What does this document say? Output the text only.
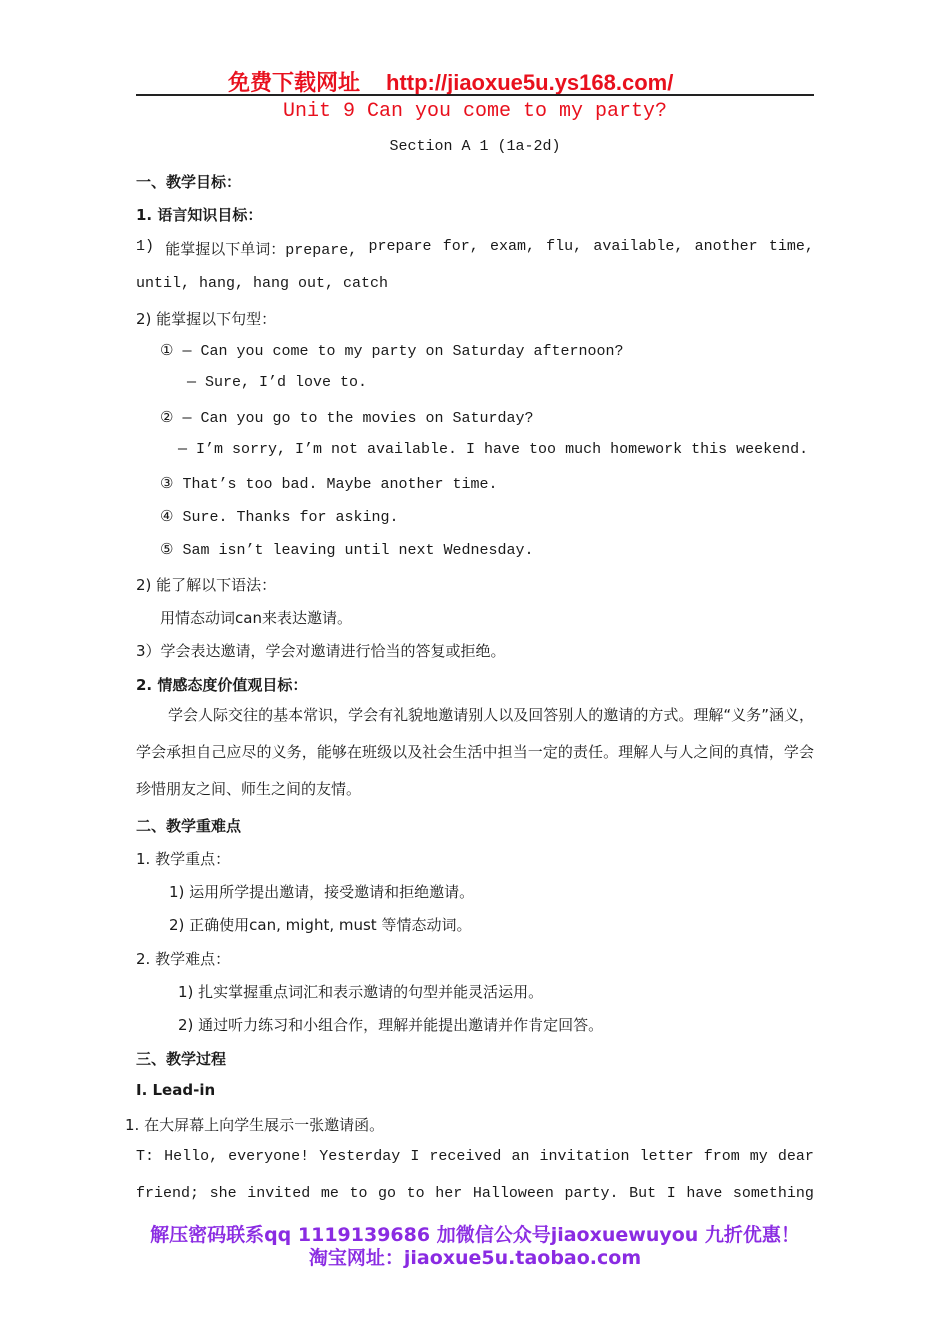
免费下载网址 http://jiaoxue5u.ys168.com/
Unit 9 Can you come to my party?
Section A 1 (1a-2d)
一、教学目标：
1. 语言知识目标：
1) 能掌握以下单词：prepare, prepare for, exam, flu, available, another time,
until, hang, hang out, catch
2) 能掌握以下句型：
① — Can you come to my party on Saturday afternoon?
— Sure, I’d love to.
② — Can you go to the movies on Saturday?
— I’m sorry, I’m not available. I have too much homework this weekend.
③ That’s too bad. Maybe another time.
④ Sure. Thanks for asking.
⑤ Sam isn’t leaving until next Wednesday.
2) 能了解以下语法：
用情态动词can来表达邀请。
3）学会表达邀请，学会对邀请进行恰当的答复或拒绝。
2. 情感态度价值观目标：
学会人际交往的基本常识，学会有礼貌地邀请别人以及回答别人的邀请的方式。理解“义务”涵义，学会承担自己应尽的义务，能够在班级以及社会生活中担当一定的责任。理解人与人之间的真情，学会珍惜朋友之间、师生之间的友情。
二、教学重难点
1. 教学重点：
1) 运用所学提出邀请，接受邀请和拒绝邀请。
2) 正确使用can, might, must 等情态动词。
2. 教学难点：
1) 扎实掌握重点词汇和表示邀请的句型并能灵活运用。
2) 通过听力练习和小组合作，理解并能提出邀请并作肯定回答。
三、教学过程
Ⅰ. Lead-in
1. 在大屏幕上向学生展示一张邀请函。
T: Hello, everyone! Yesterday I received an invitation letter from my dear
friend; she invited me to go to her Halloween party. But I have something
解压密码联系qq 1119139686 加微信公众号jiaoxuewuyou 九折优惠！
淘宝网址：jiaoxue5u.taobao.com
